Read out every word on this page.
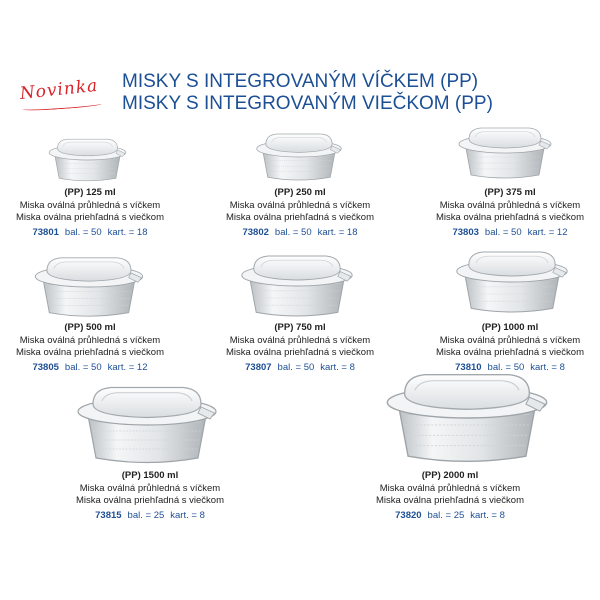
Novinka MISKY S INTEGROVANÝM VÍČKEM (PP)
MISKY S INTEGROVANÝM VIEČKOM (PP)
(PP) 125 ml
Miska oválná průhledná s víčkem
Miska oválna priehľadná s viečkom
73801 bal. = 50 kart. = 18
(PP) 250 ml
Miska oválná průhledná s víčkem
Miska oválna priehľadná s viečkom
73802 bal. = 50 kart. = 18
(PP) 375 ml
Miska oválná průhledná s víčkem
Miska oválna priehľadná s viečkom
73803 bal. = 50 kart. = 12
(PP) 500 ml
Miska oválná průhledná s víčkem
Miska oválna priehľadná s viečkom
73805 bal. = 50 kart. = 12
(PP) 750 ml
Miska oválná průhledná s víčkem
Miska oválna priehľadná s viečkom
73807 bal. = 50 kart. = 8
(PP) 1000 ml
Miska oválná průhledná s víčkem
Miska oválna priehľadná s viečkom
73810 bal. = 50 kart. = 8
(PP) 1500 ml
Miska oválná průhledná s víčkem
Miska oválna priehľadná s viečkom
73815 bal. = 25 kart. = 8
(PP) 2000 ml
Miska oválná průhledná s víčkem
Miska oválna priehľadná s viečkom
73820 bal. = 25 kart. = 8
